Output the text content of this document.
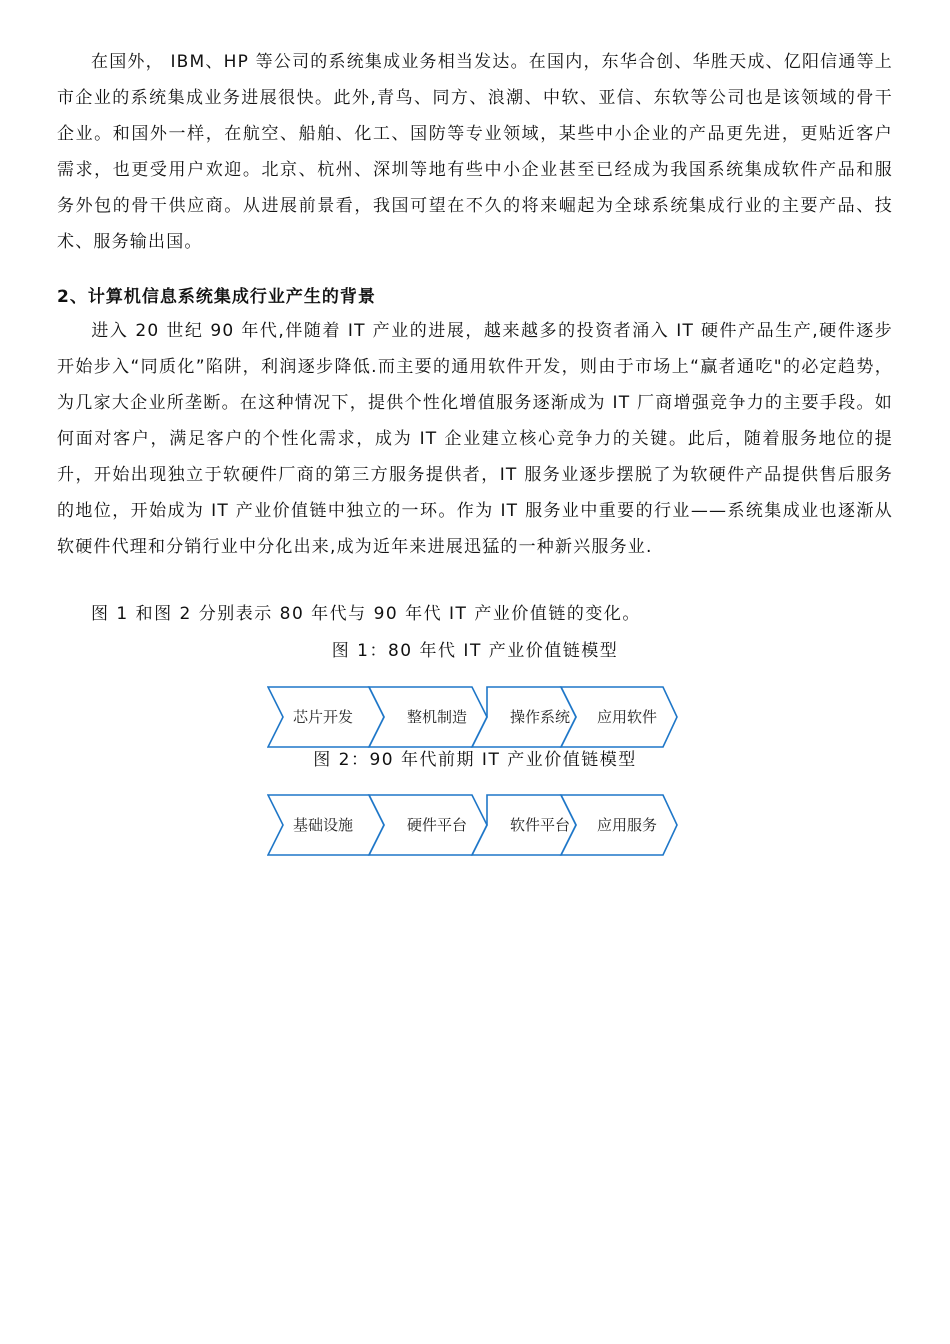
在国外， IBM、HP 等公司的系统集成业务相当发达。在国内，东华合创、华胜天成、亿阳信通等上市企业的系统集成业务进展很快。此外,青鸟、同方、浪潮、中软、亚信、东软等公司也是该领域的骨干企业。和国外一样，在航空、船舶、化工、国防等专业领域，某些中小企业的产品更先进，更贴近客户需求，也更受用户欢迎。北京、杭州、深圳等地有些中小企业甚至已经成为我国系统集成软件产品和服务外包的骨干供应商。从进展前景看，我国可望在不久的将来崛起为全球系统集成行业的主要产品、技术、服务输出国。
2、计算机信息系统集成行业产生的背景
进入 20 世纪 90 年代,伴随着 IT 产业的进展，越来越多的投资者涌入 IT 硬件产品生产,硬件逐步开始步入“同质化”陷阱，利润逐步降低.而主要的通用软件开发，则由于市场上“赢者通吃"的必定趋势，为几家大企业所垄断。在这种情况下，提供个性化增值服务逐渐成为 IT 厂商增强竞争力的主要手段。如何面对客户，满足客户的个性化需求，成为 IT 企业建立核心竞争力的关键。此后，随着服务地位的提升，开始出现独立于软硬件厂商的第三方服务提供者，IT 服务业逐步摆脱了为软硬件产品提供售后服务的地位，开始成为 IT 产业价值链中独立的一环。作为 IT 服务业中重要的行业——系统集成业也逐渐从软硬件代理和分销行业中分化出来,成为近年来进展迅猛的一种新兴服务业.
图 1 和图 2 分别表示 80 年代与 90 年代 IT 产业价值链的变化。
图 1：80 年代 IT 产业价值链模型
芯片开发	整机制造	操作系统 应用软件
图 2：90 年代前期 IT 产业价值链模型
基础设施	硬件平台	软件平台 应用服务
